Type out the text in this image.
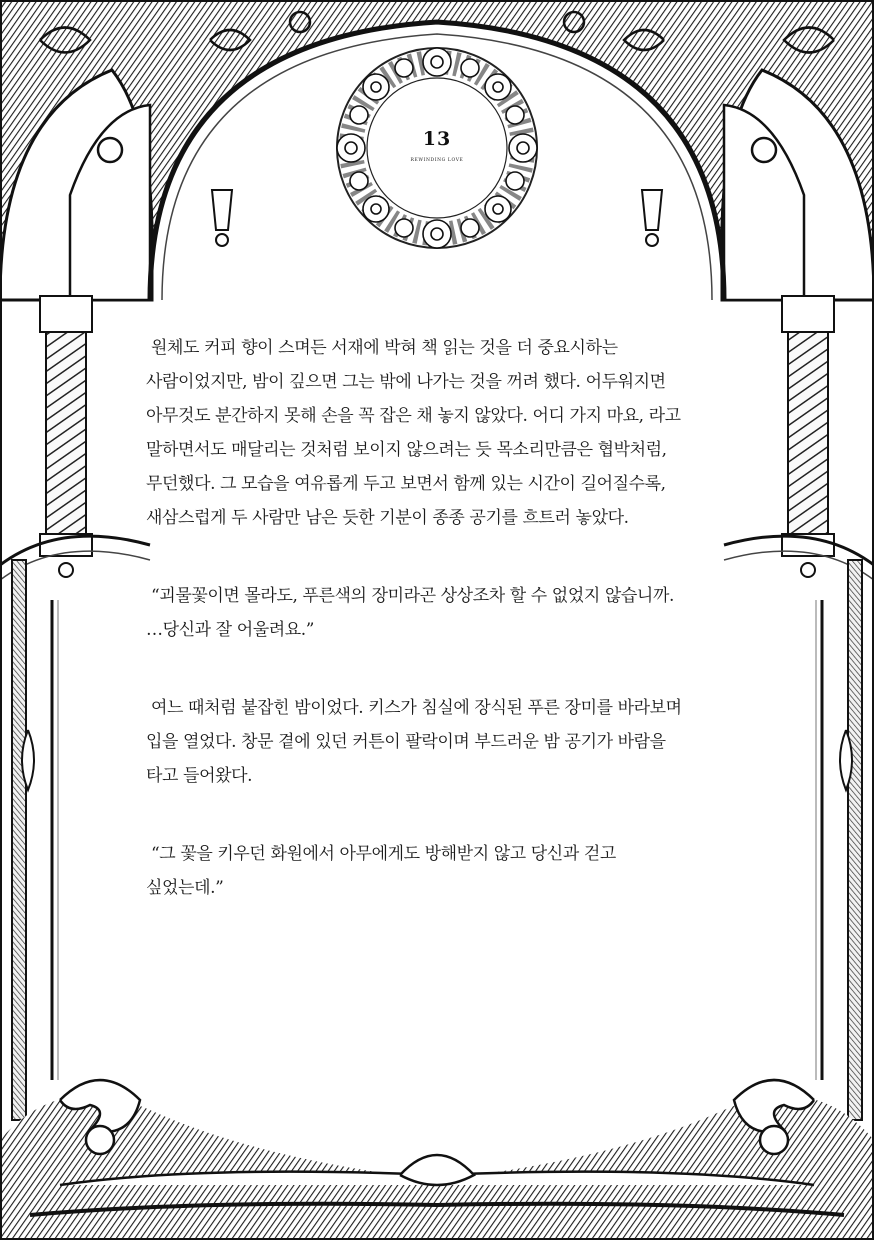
13
REWINDING LOVE
원체도 커피 향이 스며든 서재에 박혀 책 읽는 것을 더 중요시하는
사람이었지만, 밤이 깊으면 그는 밖에 나가는 것을 꺼려 했다. 어두워지면
아무것도 분간하지 못해 손을 꼭 잡은 채 놓지 않았다. 어디 가지 마요, 라고
말하면서도 매달리는 것처럼 보이지 않으려는 듯 목소리만큼은 협박처럼,
무던했다. 그 모습을 여유롭게 두고 보면서 함께 있는 시간이 길어질수록,
새삼스럽게 두 사람만 남은 듯한 기분이 종종 공기를 흐트러 놓았다.
“괴물꽃이면 몰라도, 푸른색의 장미라곤 상상조차 할 수 없었지 않습니까.
…당신과 잘 어울려요.”
여느 때처럼 붙잡힌 밤이었다. 키스가 침실에 장식된 푸른 장미를 바라보며
입을 열었다. 창문 곁에 있던 커튼이 팔락이며 부드러운 밤 공기가 바람을
타고 들어왔다.
“그 꽃을 키우던 화원에서 아무에게도 방해받지 않고 당신과 걷고
싶었는데.”
